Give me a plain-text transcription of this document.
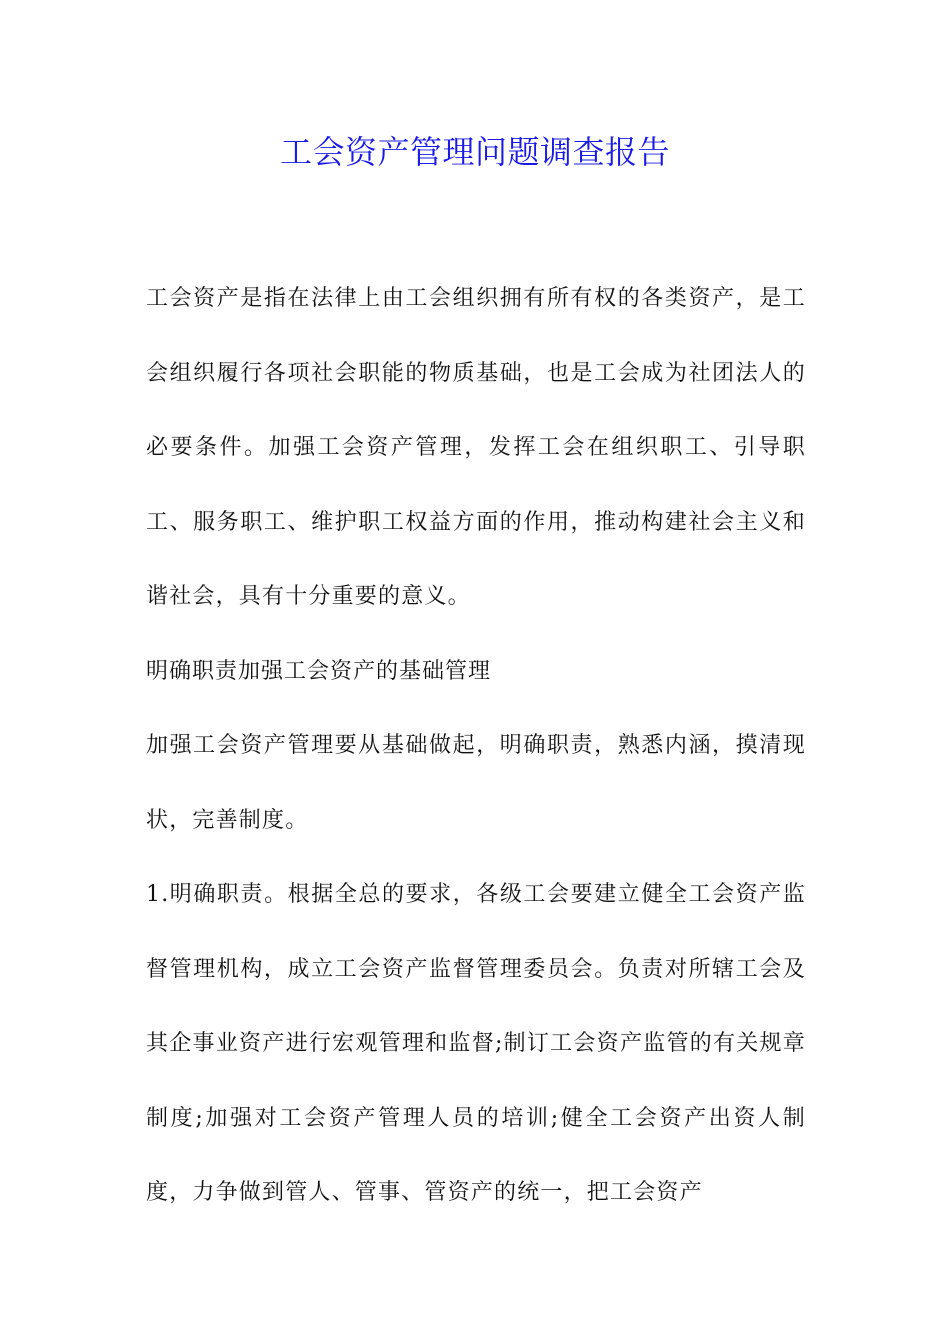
工会资产管理问题调查报告

工会资产是指在法律上由工会组织拥有所有权的各类资产，是工会组织履行各项社会职能的物质基础，也是工会成为社团法人的必要条件。加强工会资产管理，发挥工会在组织职工、引导职工、服务职工、维护职工权益方面的作用，推动构建社会主义和谐社会，具有十分重要的意义。

明确职责加强工会资产的基础管理

加强工会资产管理要从基础做起，明确职责，熟悉内涵，摸清现状，完善制度。

1.明确职责。根据全总的要求，各级工会要建立健全工会资产监督管理机构，成立工会资产监督管理委员会。负责对所辖工会及其企事业资产进行宏观管理和监督;制订工会资产监管的有关规章制度;加强对工会资产管理人员的培训;健全工会资产出资人制度，力争做到管人、管事、管资产的统一，把工会资产
